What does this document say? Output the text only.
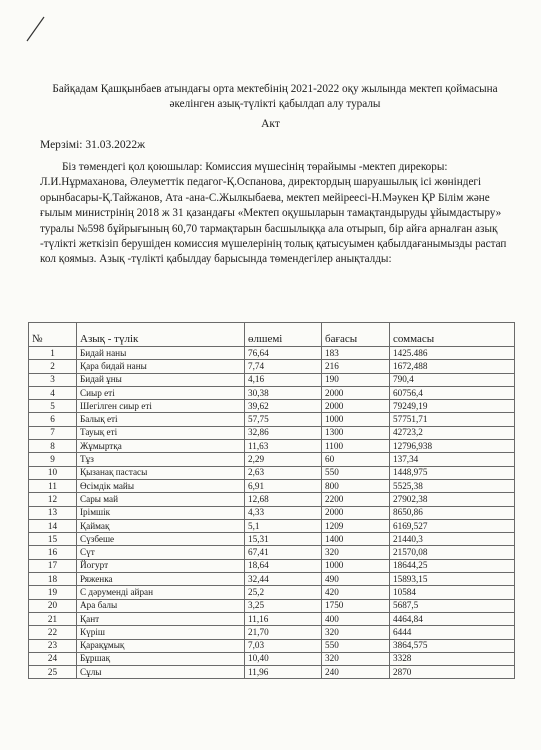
Байқадам Қашқынбаев атындағы орта мектебінің 2021-2022 оқу жылында мектеп қоймасына әкелінген азық-түлікті қабылдап алу туралы
Акт
Мерзімі: 31.03.2022ж
Біз төмендегі қол қоюшылар: Комиссия мүшесінің төрайымы -мектеп дирекоры: Л.И.Нұрмаханова, Әлеуметтік педагог-Қ.Оспанова, директордың шаруашылық ісі жөніндегі орынбасары-Қ.Тайжанов, Ата -ана-С.Жылкыбаева, мектеп мейіреесі-Н.Мәукен ҚР Білім және ғылым министрінің 2018 ж 31 қазандағы «Мектеп оқушыларын тамақтандыруды ұйымдастыру» туралы №598 бұйрығының 60,70 тармақтарын басшылыққа ала отырып, бір айға арналған азық -түлікті жеткізіп берушіден комиссия мүшелерінің толық қатысуымен қабылдағанымызды растап кол қоямыз. Азық -түлікті қабылдау барысында төмендегілер анықталды:
№	Азық - түлік	өлшемі	бағасы	соммасы
1	Бидай наны	76,64	183	1425.486
2	Қара бидай наны	7,74	216	1672,488
3	Бидай ұны	4,16	190	790,4
4	Сиыр еті	30,38	2000	60756,4
5	Шегілген сиыр еті	39,62	2000	79249,19
6	Балық еті	57,75	1000	57751,71
7	Тауық еті	32,86	1300	42723,2
8	Жұмыртқа	11,63	1100	12796,938
9	Тұз	2,29	60	137,34
10	Қызанақ пастасы	2,63	550	1448,975
11	Өсімдік майы	6,91	800	5525,38
12	Сары май	12,68	2200	27902,38
13	Ірімшік	4,33	2000	8650,86
14	Қаймақ	5,1	1209	6169,527
15	Сүзбеше	15,31	1400	21440,3
16	Сүт	67,41	320	21570,08
17	Йогурт	18,64	1000	18644,25
18	Ряженка	32,44	490	15893,15
19	С дәруменді айран	25,2	420	10584
20	Ара балы	3,25	1750	5687,5
21	Қант	11,16	400	4464,84
22	Күріш	21,70	320	6444
23	Қарақұмық	7,03	550	3864,575
24	Бұршақ	10,40	320	3328
25	Сұлы	11,96	240	2870
